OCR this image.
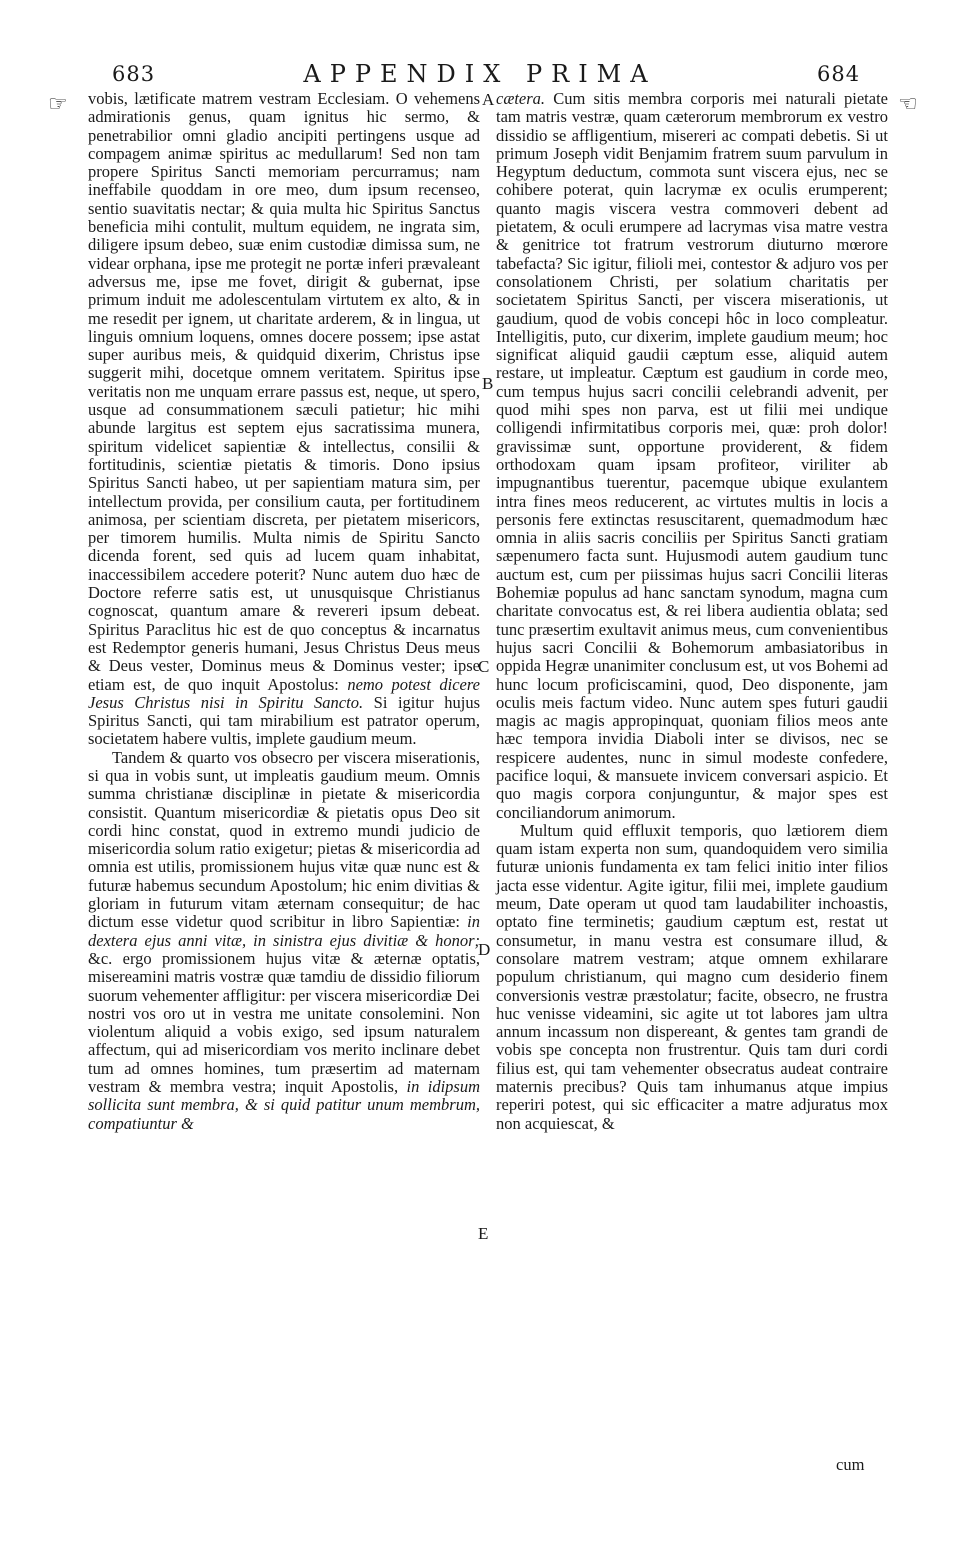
683	APPENDIX PRIMA	684
☞	☜

vobis, lætificate matrem vestram Ecclesiam. O vehemens admirationis genus, quam ignitus hic sermo, & penetrabilior omni gladio ancipiti pertingens usque ad compagem animæ spiritus ac medullarum! Sed non tam propere Spiritus Sancti memoriam percurramus; nam ineffabile quoddam in ore meo, dum ipsum recenseo, sentio suavitatis nectar; & quia multa hic Spiritus Sanctus beneficia mihi contulit, multum equidem, ne ingrata sim, diligere ipsum debeo, suæ enim custodiæ dimissa sum, ne videar orphana, ipse me protegit ne portæ inferi prævaleant adversus me, ipse me fovet, dirigit & gubernat, ipse primum induit me adolescentulam virtutem ex alto, & in me resedit per ignem, ut charitate arderem, & in lingua, ut linguis omnium loquens, omnes docere possem; ipse astat super auribus meis, & quidquid dixerim, Christus ipse suggerit mihi, docetque omnem veritatem. Spiritus ipse veritatis non me unquam errare passus est, neque, ut spero, usque ad consummationem sæculi patietur; hic mihi abunde largitus est septem ejus sacratissima munera, spiritum videlicet sapientiæ & intellectus, consilii & fortitudinis, scientiæ pietatis & timoris. Dono ipsius Spiritus Sancti habeo, ut per sapientiam matura sim, per intellectum provida, per consilium cauta, per fortitudinem animosa, per scientiam discreta, per pietatem misericors, per timorem humilis. Multa nimis de Spiritu Sancto dicenda forent, sed quis ad lucem quam inhabitat, inaccessibilem accedere poterit? Nunc autem duo hæc de Doctore referre satis est, ut unusquisque Christianus cognoscat, quantum amare & revereri ipsum debeat. Spiritus Paraclitus hic est de quo conceptus & incarnatus est Redemptor generis humani, Jesus Christus Deus meus & Deus vester, Dominus meus & Dominus vester; ipse etiam est, de quo inquit Apostolus: nemo potest dicere Jesus Christus nisi in Spiritu Sancto. Si igitur hujus Spiritus Sancti, qui tam mirabilium est patrator operum, societatem habere vultis, implete gaudium meum.

Tandem & quarto vos obsecro per viscera miserationis, si qua in vobis sunt, ut impleatis gaudium meum. Omnis summa christianæ disciplinæ in pietate & misericordia consistit. Quantum misericordiæ & pietatis opus Deo sit cordi hinc constat, quod in extremo mundi judicio de misericordia solum ratio exigetur; pietas & misericordia ad omnia est utilis, promissionem hujus vitæ quæ nunc est & futuræ habemus secundum Apostolum; hic enim divitias & gloriam in futurum vitam æternam consequitur; de hac dictum esse videtur quod scribitur in libro Sapientiæ: in dextera ejus anni vitæ, in sinistra ejus divitiæ & honor; &c. ergo promissionem hujus vitæ & æternæ optatis, misereamini matris vostræ quæ tamdiu de dissidio filiorum suorum vehementer affligitur: per viscera misericordiæ Dei nostri vos oro ut in vestra me unitate consolemini. Non violentum aliquid a vobis exigo, sed ipsum naturalem affectum, qui ad misericordiam vos merito inclinare debet tum ad omnes homines, tum præsertim ad maternam vestram & membra vestra; inquit Apostolis, in idipsum sollicita sunt membra, & si quid patitur unum membrum, compatiuntur &

A
B
C
D
E

cætera. Cum sitis membra corporis mei naturali pietate tam matris vestræ, quam cæterorum membrorum ex vestro dissidio se affligentium, misereri ac compati debetis. Si ut primum Joseph vidit Benjamim fratrem suum parvulum in Hegyptum deductum, commota sunt viscera ejus, nec se cohibere poterat, quin lacrymæ ex oculis erumperent; quanto magis viscera vestra commoveri debent ad pietatem, & oculi erumpere ad lacrymas visa matre vestra & genitrice tot fratrum vestrorum diuturno mœrore tabefacta? Sic igitur, filioli mei, contestor & adjuro vos per consolationem Christi, per solatium charitatis per societatem Spiritus Sancti, per viscera miserationis, ut gaudium, quod de vobis concepi hôc in loco compleatur. Intelligitis, puto, cur dixerim, implete gaudium meum; hoc significat aliquid gaudii cæptum esse, aliquid autem restare, ut impleatur. Cæptum est gaudium in corde meo, cum tempus hujus sacri concilii celebrandi advenit, per quod mihi spes non parva, est ut filii mei undique colligendi infirmitatibus corporis mei, quæ: proh dolor! gravissimæ sunt, opportune providerent, & fidem orthodoxam quam ipsam profiteor, viriliter ab impugnantibus tuerentur, pacemque ubique exulantem intra fines meos reducerent, ac virtutes multis in locis a personis fere extinctas resuscitarent, quemadmodum hæc omnia in aliis sacris conciliis per Spiritus Sancti gratiam sæpenumero facta sunt. Hujusmodi autem gaudium tunc auctum est, cum per piissimas hujus sacri Concilii literas Bohemiæ populus ad hanc sanctam synodum, magna cum charitate convocatus est, & rei libera audientia oblata; sed tunc præsertim exultavit animus meus, cum convenientibus hujus sacri Concilii & Bohemorum ambasiatoribus in oppida Hegræ unanimiter conclusum est, ut vos Bohemi ad hunc locum proficiscamini, quod, Deo disponente, jam oculis meis factum video. Nunc autem spes futuri gaudii magis ac magis appropinquat, quoniam filios meos ante hæc tempora invidia Diaboli inter se divisos, nec se respicere audentes, nunc in simul modeste confedere, pacifice loqui, & mansuete invicem conversari aspicio. Et quo magis corpora conjunguntur, & major spes est conciliandorum animorum.

Multum quid effluxit temporis, quo lætiorem diem quam istam experta non sum, quandoquidem vero similia futuræ unionis fundamenta ex tam felici initio inter filios jacta esse videntur. Agite igitur, filii mei, implete gaudium meum, Date operam ut quod tam laudabiliter inchoastis, optato fine terminetis; gaudium cæptum est, restat ut consumetur, in manu vestra est consumare illud, & consolare matrem vestram; atque omnem exhilarare populum christianum, qui magno cum desiderio finem conversionis vestræ præstolatur; facite, obsecro, ne frustra huc venisse videamini, sic agite ut tot labores jam ultra annum incassum non dispereant, & gentes tam grandi de vobis spe concepta non frustrentur. Quis tam duri cordi filius est, qui tam vehementer obsecratus audeat contraire maternis precibus? Quis tam inhumanus atque impius reperiri potest, qui sic efficaciter a matre adjuratus mox non acquiescat, &

cum
